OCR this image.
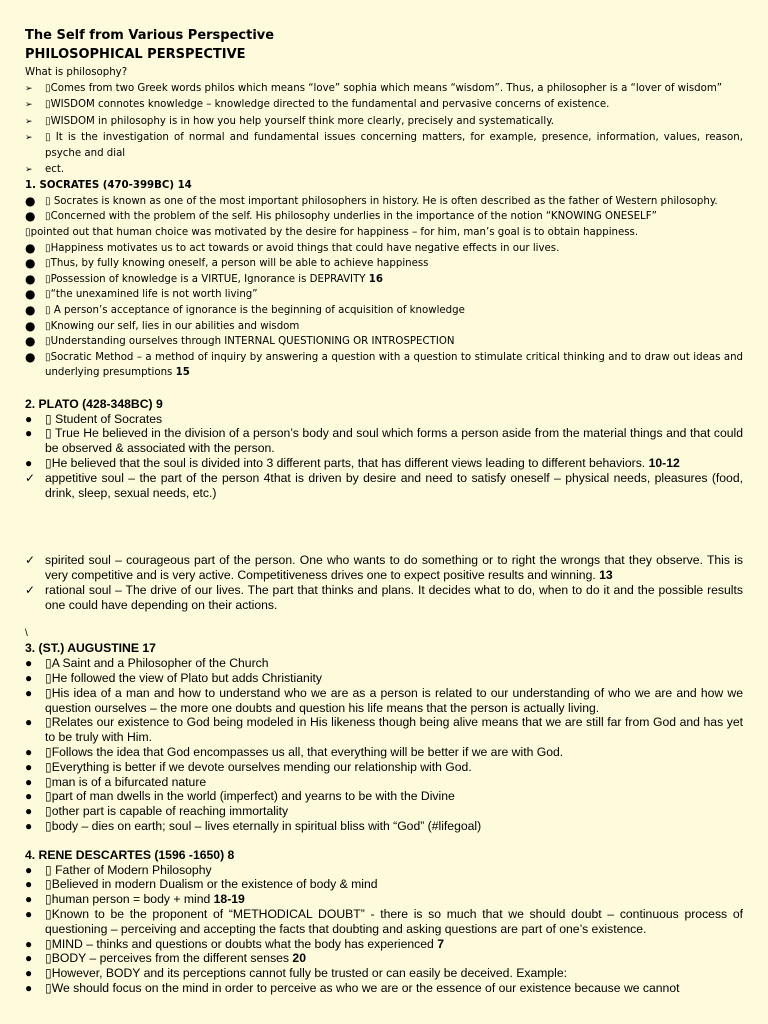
The Self from Various Perspective
PHILOSOPHICAL PERSPECTIVE
What is philosophy?
➢	▯Comes from two Greek words philos which means “love” sophia which means “wisdom”. Thus, a philosopher is a “lover of wisdom”
➢	▯WISDOM connotes knowledge – knowledge directed to the fundamental and pervasive concerns of existence.
➢	▯WISDOM in philosophy is in how you help yourself think more clearly, precisely and systematically.
➢	▯ It is the investigation of normal and fundamental issues concerning matters, for example, presence, information, values, reason, psyche and dial
➢	ect.
1. SOCRATES (470-399BC) 14
● ▯ Socrates is known as one of the most important philosophers in history. He is often described as the father of Western philosophy.
● ▯Concerned with the problem of the self. His philosophy underlies in the importance of the notion “KNOWING ONESELF”
▯pointed out that human choice was motivated by the desire for happiness – for him, man’s goal is to obtain happiness.
● ▯Happiness motivates us to act towards or avoid things that could have negative effects in our lives.
● ▯Thus, by fully knowing oneself, a person will be able to achieve happiness
● ▯Possession of knowledge is a VIRTUE, Ignorance is DEPRAVITY 16
● ▯“the unexamined life is not worth living”
● ▯ A person’s acceptance of ignorance is the beginning of acquisition of knowledge
● ▯Knowing our self, lies in our abilities and wisdom
● ▯Understanding ourselves through INTERNAL QUESTIONING OR INTROSPECTION
● ▯Socratic Method – a method of inquiry by answering a question with a question to stimulate critical thinking and to draw out ideas and underlying presumptions 15
2. PLATO (428-348BC) 9
●	▯ Student of Socrates
●	▯ True He believed in the division of a person’s body and soul which forms a person aside from the material things and that could be observed & associated with the person.
●	▯He believed that the soul is divided into 3 different parts, that has different views leading to different behaviors. 10-12
✓ appetitive soul – the part of the person 4that is driven by desire and need to satisfy oneself – physical needs, pleasures (food, drink, sleep, sexual needs, etc.)
✓ spirited soul – courageous part of the person. One who wants to do something or to right the wrongs that they observe. This is very competitive and is very active. Competitiveness drives one to expect positive results and winning. 13
✓ rational soul – The drive of our lives. The part that thinks and plans. It decides what to do, when to do it and the possible results one could have depending on their actions.
\
3. (ST.) AUGUSTINE 17
●	▯A Saint and a Philosopher of the Church
●	▯He followed the view of Plato but adds Christianity
●	▯His idea of a man and how to understand who we are as a person is related to our understanding of who we are and how we question ourselves – the more one doubts and question his life means that the person is actually living.
●	▯Relates our existence to God being modeled in His likeness though being alive means that we are still far from God and has yet to be truly with Him.
●	▯Follows the idea that God encompasses us all, that everything will be better if we are with God.
●	▯Everything is better if we devote ourselves mending our relationship with God.
●	▯man is of a bifurcated nature
●	▯part of man dwells in the world (imperfect) and yearns to be with the Divine
●	▯other part is capable of reaching immortality
●	▯body – dies on earth; soul – lives eternally in spiritual bliss with “God” (#lifegoal)
4. RENE DESCARTES (1596 -1650) 8
●	▯ Father of Modern Philosophy
●	▯Believed in modern Dualism or the existence of body & mind
●	▯human person = body + mind 18-19
●	▯Known to be the proponent of “METHODICAL DOUBT” - there is so much that we should doubt – continuous process of questioning – perceiving and accepting the facts that doubting and asking questions are part of one’s existence.
●	▯MIND – thinks and questions or doubts what the body has experienced 7
●	▯BODY – perceives from the different senses 20
●	▯However, BODY and its perceptions cannot fully be trusted or can easily be deceived. Example:
●	▯We should focus on the mind in order to perceive as who we are or the essence of our existence because we cannot
